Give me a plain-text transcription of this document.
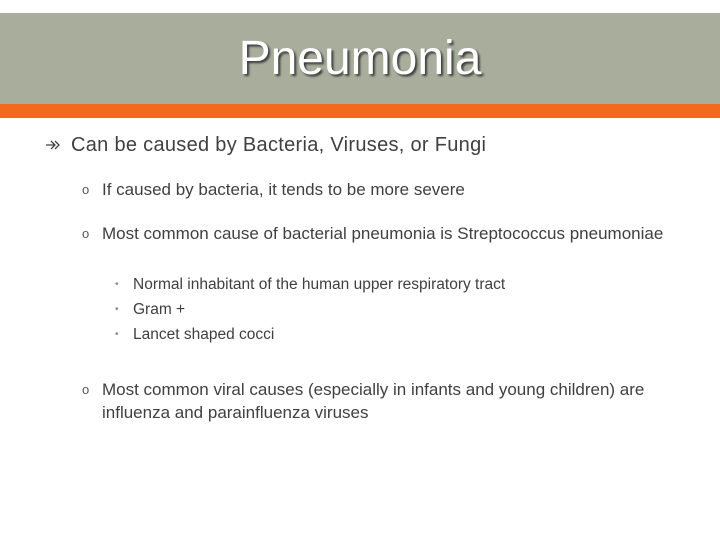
Pneumonia
Can be caused by Bacteria, Viruses, or Fungi
o If caused by bacteria, it tends to be more severe
o Most common cause of bacterial pneumonia is Streptococcus pneumoniae
• Normal inhabitant of the human upper respiratory tract
• Gram +
• Lancet shaped cocci
o Most common viral causes (especially in infants and young children) are influenza and parainfluenza viruses
